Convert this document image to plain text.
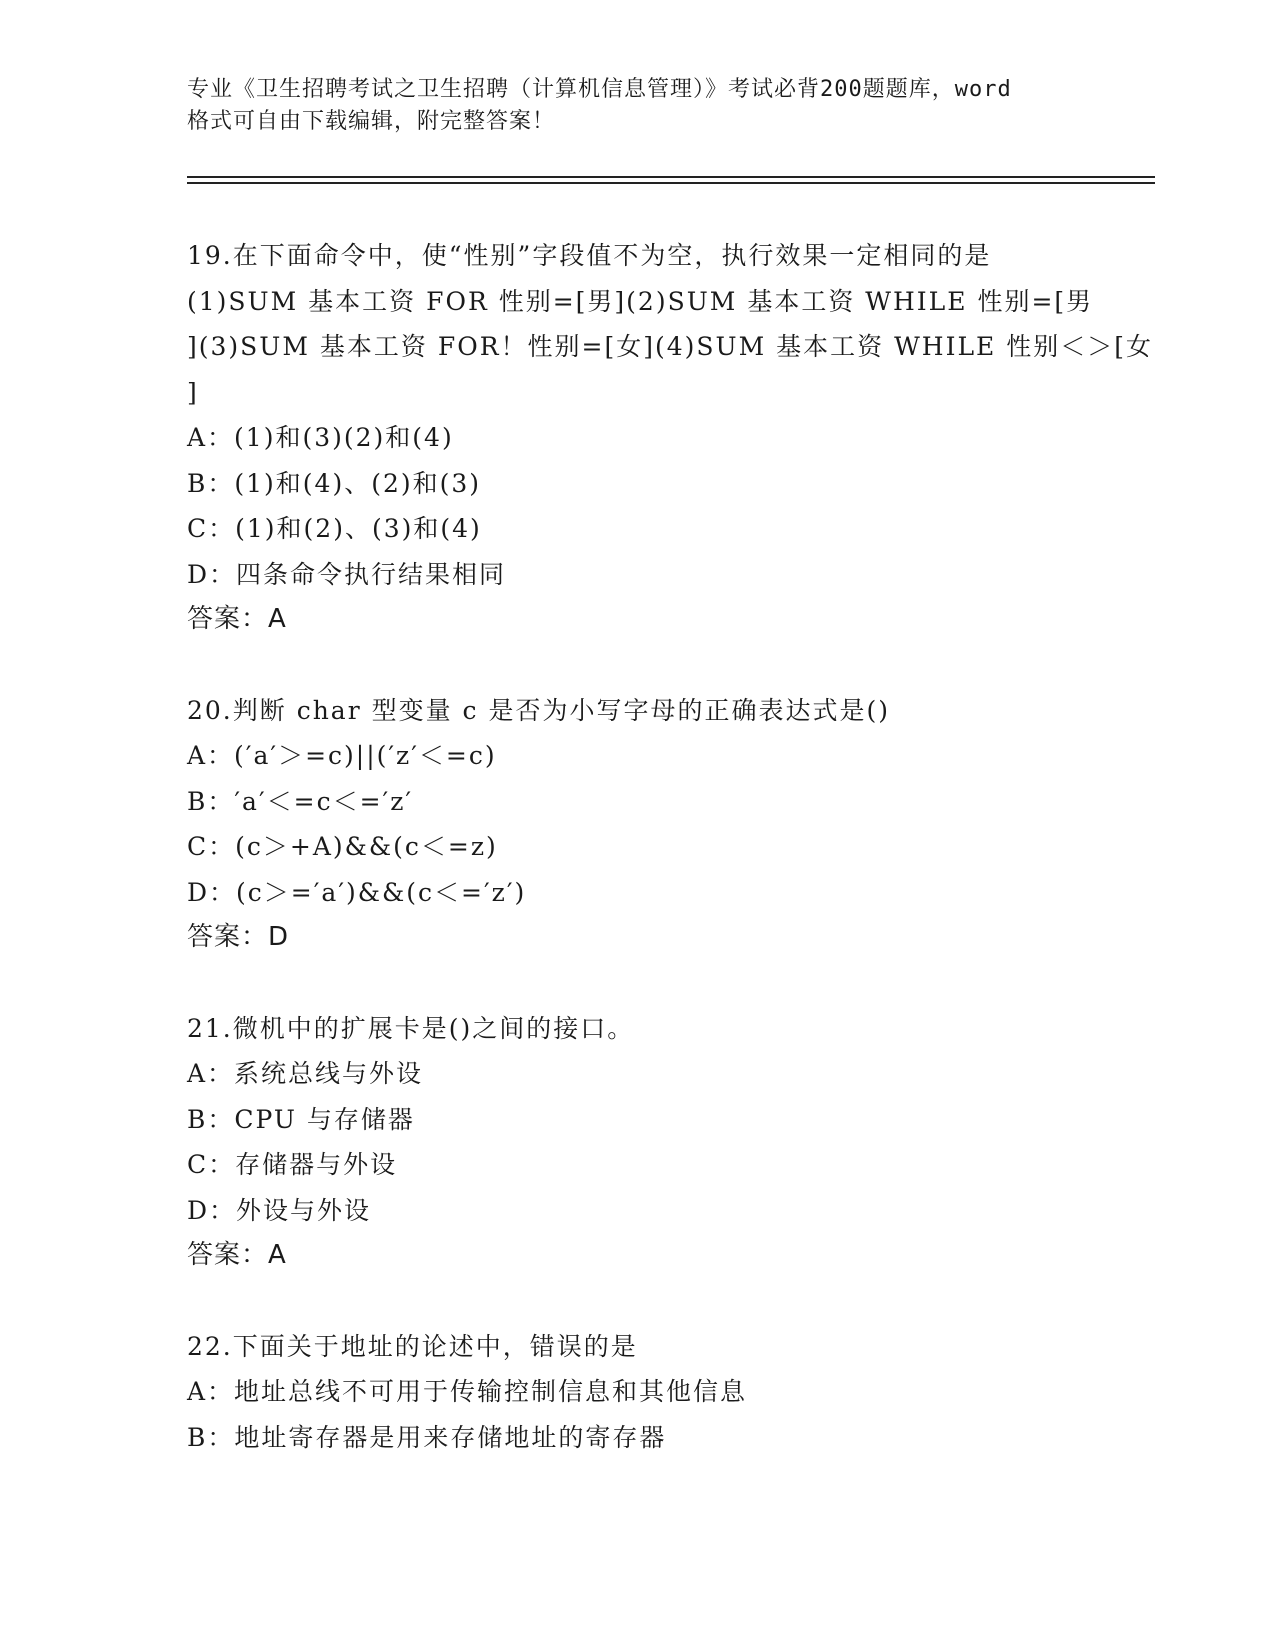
专业《卫生招聘考试之卫生招聘（计算机信息管理）》考试必背200题题库，word
格式可自由下载编辑，附完整答案！
19.在下面命令中，使“性别”字段值不为空，执行效果一定相同的是
(1)SUM 基本工资 FOR 性别=[男](2)SUM 基本工资 WHILE 性别=[男
](3)SUM 基本工资 FOR！性别=[女](4)SUM 基本工资 WHILE 性别＜＞[女
]
A：(1)和(3)(2)和(4)
B：(1)和(4)、(2)和(3)
C：(1)和(2)、(3)和(4)
D：四条命令执行结果相同
答案：A
20.判断 char 型变量 c 是否为小写字母的正确表达式是()
A：(′a′＞=c)||(′z′＜=c)
B：′a′＜=c＜=′z′
C：(c＞+A)&&(c＜=z)
D：(c＞=′a′)&&(c＜=′z′)
答案：D
21.微机中的扩展卡是()之间的接口。
A：系统总线与外设
B：CPU 与存储器
C：存储器与外设
D：外设与外设
答案：A
22.下面关于地址的论述中，错误的是
A：地址总线不可用于传输控制信息和其他信息
B：地址寄存器是用来存储地址的寄存器
